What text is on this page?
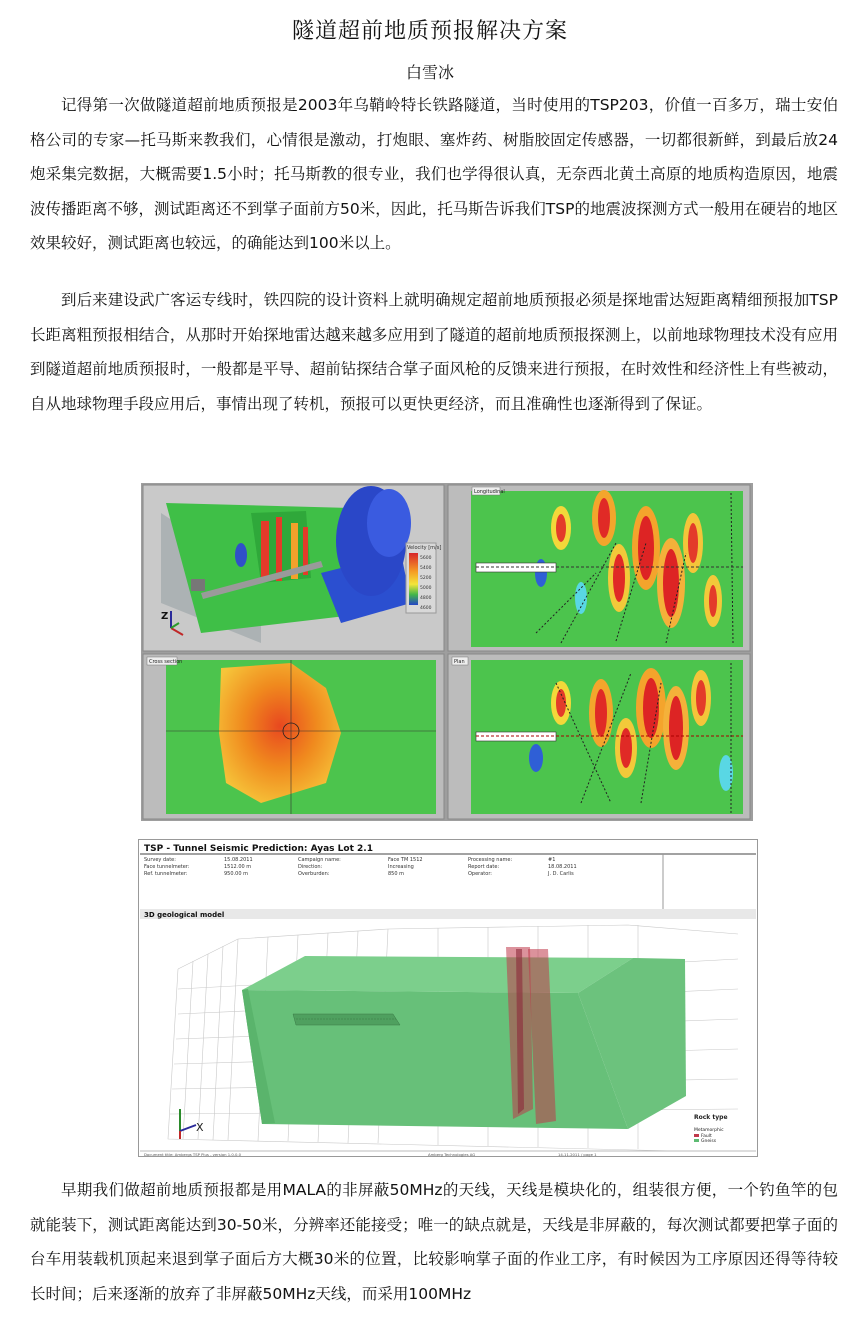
隧道超前地质预报解决方案
白雪冰

记得第一次做隧道超前地质预报是2003年乌鞘岭特长铁路隧道，当时使用的TSP203，价值一百多万，瑞士安伯格公司的专家—托马斯来教我们，心情很是激动，打炮眼、塞炸药、树脂胶固定传感器，一切都很新鲜，到最后放24炮采集完数据，大概需要1.5小时；托马斯教的很专业，我们也学得很认真，无奈西北黄土高原的地质构造原因，地震波传播距离不够，测试距离还不到掌子面前方50米，因此，托马斯告诉我们TSP的地震波探测方式一般用在硬岩的地区效果较好，测试距离也较远，的确能达到100米以上。

到后来建设武广客运专线时，铁四院的设计资料上就明确规定超前地质预报必须是探地雷达短距离精细预报加TSP长距离粗预报相结合，从那时开始探地雷达越来越多应用到了隧道的超前地质预报探测上，以前地球物理技术没有应用到隧道超前地质预报时，一般都是平导、超前钻探结合掌子面风枪的反馈来进行预报，在时效性和经济性上有些被动，自从地球物理手段应用后，事情出现了转机，预报可以更快更经济，而且准确性也逐渐得到了保证。

Velocity [m/s]
5600
5400
5200
5000
4800
4600
Z
Longitudinal
Cross section	Plan
TSP - Tunnel Seismic Prediction: Ayas Lot 2.1
Survey date:	15.08.2011	Campaign name:	Face TM 1512	Processing name:	#1
Face tunnelmeter:	1512.00 m	Direction:	Increasing	Report date:	18.08.2011
Ref. tunnelmeter:	950.00 m	Overburden:	850 m	Operator:	J. D. Carlis
3D geological model
X
Rock type
Metamorphic
Fault
Gneiss
Document title: Ambergs TSP Plus - version 1.0.0.0	Amberg Technologies AG	14.11.2011 / page 1

早期我们做超前地质预报都是用MALA的非屏蔽50MHz的天线，天线是模块化的，组装很方便，一个钓鱼竿的包就能装下，测试距离能达到30-50米，分辨率还能接受；唯一的缺点就是，天线是非屏蔽的，每次测试都要把掌子面的台车用装载机顶起来退到掌子面后方大概30米的位置，比较影响掌子面的作业工序，有时候因为工序原因还得等待较长时间；后来逐渐的放弃了非屏蔽50MHz天线，而采用100MHz
